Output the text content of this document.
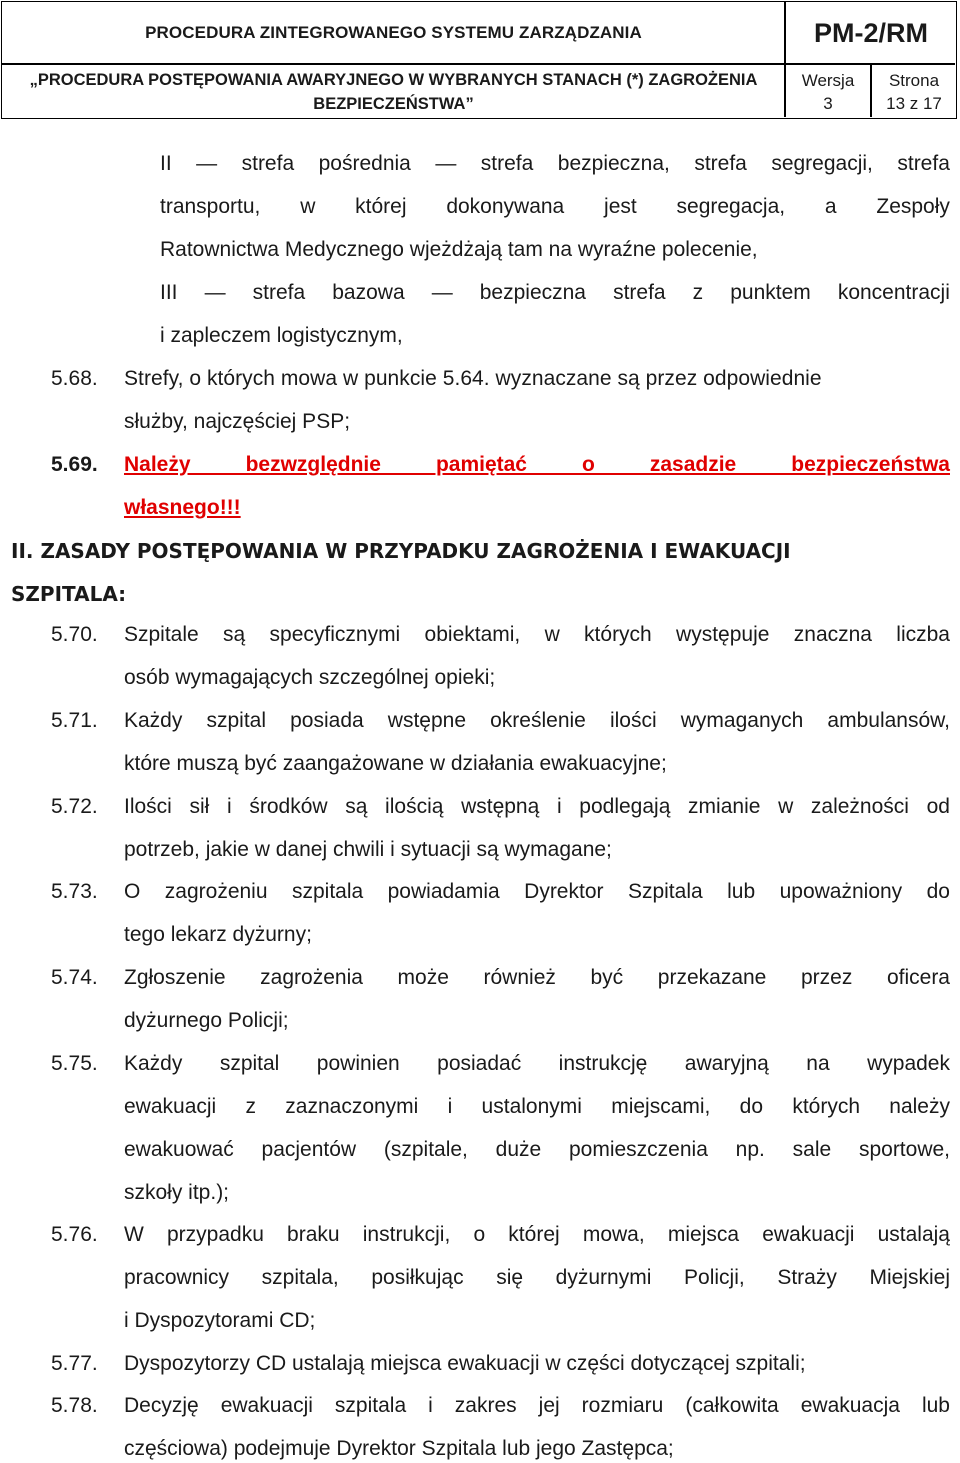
PROCEDURA ZINTEGROWANEGO SYSTEMU ZARZĄDZANIA
„PROCEDURA POSTĘPOWANIA AWARYJNEGO W WYBRANYCH STANACH (*) ZAGROŻENIA BEZPIECZEŃSTWA”
PM-2/RM
Wersja
3
Strona
13 z 17
II — strefa pośrednia — strefa bezpieczna, strefa segregacji, strefa
transportu, w której dokonywana jest segregacja, a Zespoły
Ratownictwa Medycznego wjeżdżają tam na wyraźne polecenie,
III — strefa bazowa — bezpieczna strefa z punktem koncentracji
i zapleczem logistycznym,
5.68. Strefy, o których mowa w punkcie 5.64. wyznaczane są przez odpowiednie
służby, najczęściej PSP;
5.69. Należy bezwzględnie pamiętać o zasadzie bezpieczeństwa
własnego!!!
II. ZASADY POSTĘPOWANIA W PRZYPADKU ZAGROŻENIA I EWAKUACJI
SZPITALA:
5.70. Szpitale są specyficznymi obiektami, w których występuje znaczna liczba
osób wymagających szczególnej opieki;
5.71. Każdy szpital posiada wstępne określenie ilości wymaganych ambulansów,
które muszą być zaangażowane w działania ewakuacyjne;
5.72. Ilości sił i środków są ilością wstępną i podlegają zmianie w zależności od
potrzeb, jakie w danej chwili i sytuacji są wymagane;
5.73. O zagrożeniu szpitala powiadamia Dyrektor Szpitala lub upoważniony do
tego lekarz dyżurny;
5.74. Zgłoszenie zagrożenia może również być przekazane przez oficera
dyżurnego Policji;
5.75. Każdy szpital powinien posiadać instrukcję awaryjną na wypadek
ewakuacji z zaznaczonymi i ustalonymi miejscami, do których należy
ewakuować pacjentów (szpitale, duże pomieszczenia np. sale sportowe,
szkoły itp.);
5.76. W przypadku braku instrukcji, o której mowa, miejsca ewakuacji ustalają
pracownicy szpitala, posiłkując się dyżurnymi Policji, Straży Miejskiej
i Dyspozytorami CD;
5.77. Dyspozytorzy CD ustalają miejsca ewakuacji w części dotyczącej szpitali;
5.78. Decyzję ewakuacji szpitala i zakres jej rozmiaru (całkowita ewakuacja lub
częściowa) podejmuje Dyrektor Szpitala lub jego Zastępca;
